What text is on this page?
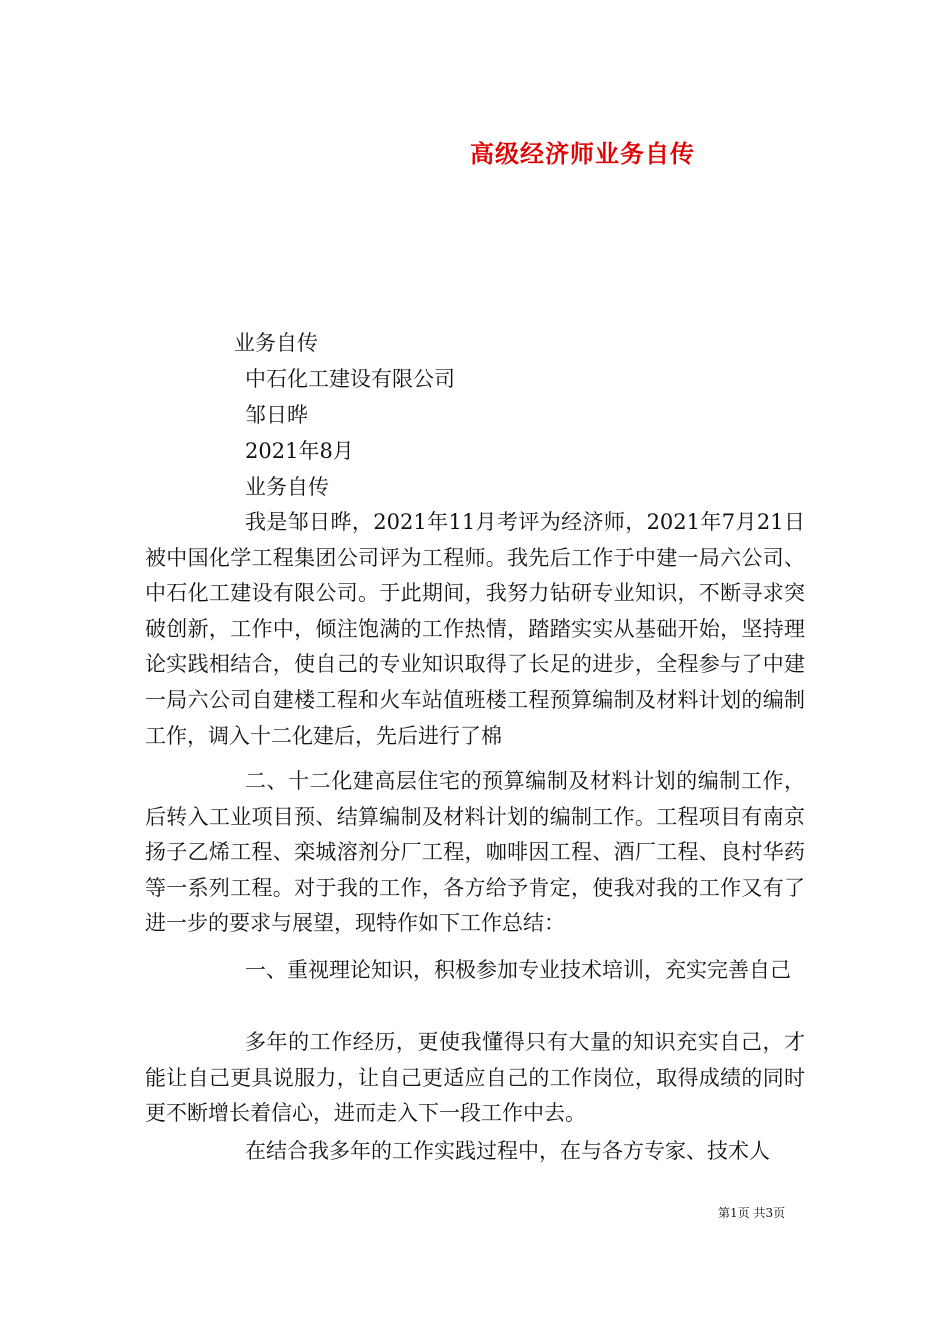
高级经济师业务自传
业务自传
中石化工建设有限公司
邹日晔
2021年8月
业务自传

我是邹日晔，2021年11月考评为经济师，2021年7月21日被中国化学工程集团公司评为工程师。我先后工作于中建一局六公司、中石化工建设有限公司。于此期间，我努力钻研专业知识，不断寻求突破创新，工作中，倾注饱满的工作热情，踏踏实实从基础开始，坚持理论实践相结合，使自己的专业知识取得了长足的进步，全程参与了中建一局六公司自建楼工程和火车站值班楼工程预算编制及材料计划的编制工作，调入十二化建后，先后进行了棉

二、十二化建高层住宅的预算编制及材料计划的编制工作，后转入工业项目预、结算编制及材料计划的编制工作。工程项目有南京扬子乙烯工程、栾城溶剂分厂工程，咖啡因工程、酒厂工程、良村华药等一系列工程。对于我的工作，各方给予肯定，使我对我的工作又有了进一步的要求与展望，现特作如下工作总结：

一、重视理论知识，积极参加专业技术培训，充实完善自己

多年的工作经历，更使我懂得只有大量的知识充实自己，才能让自己更具说服力，让自己更适应自己的工作岗位，取得成绩的同时更不断增长着信心，进而走入下一段工作中去。

在结合我多年的工作实践过程中，在与各方专家、技术人

第1页 共3页
